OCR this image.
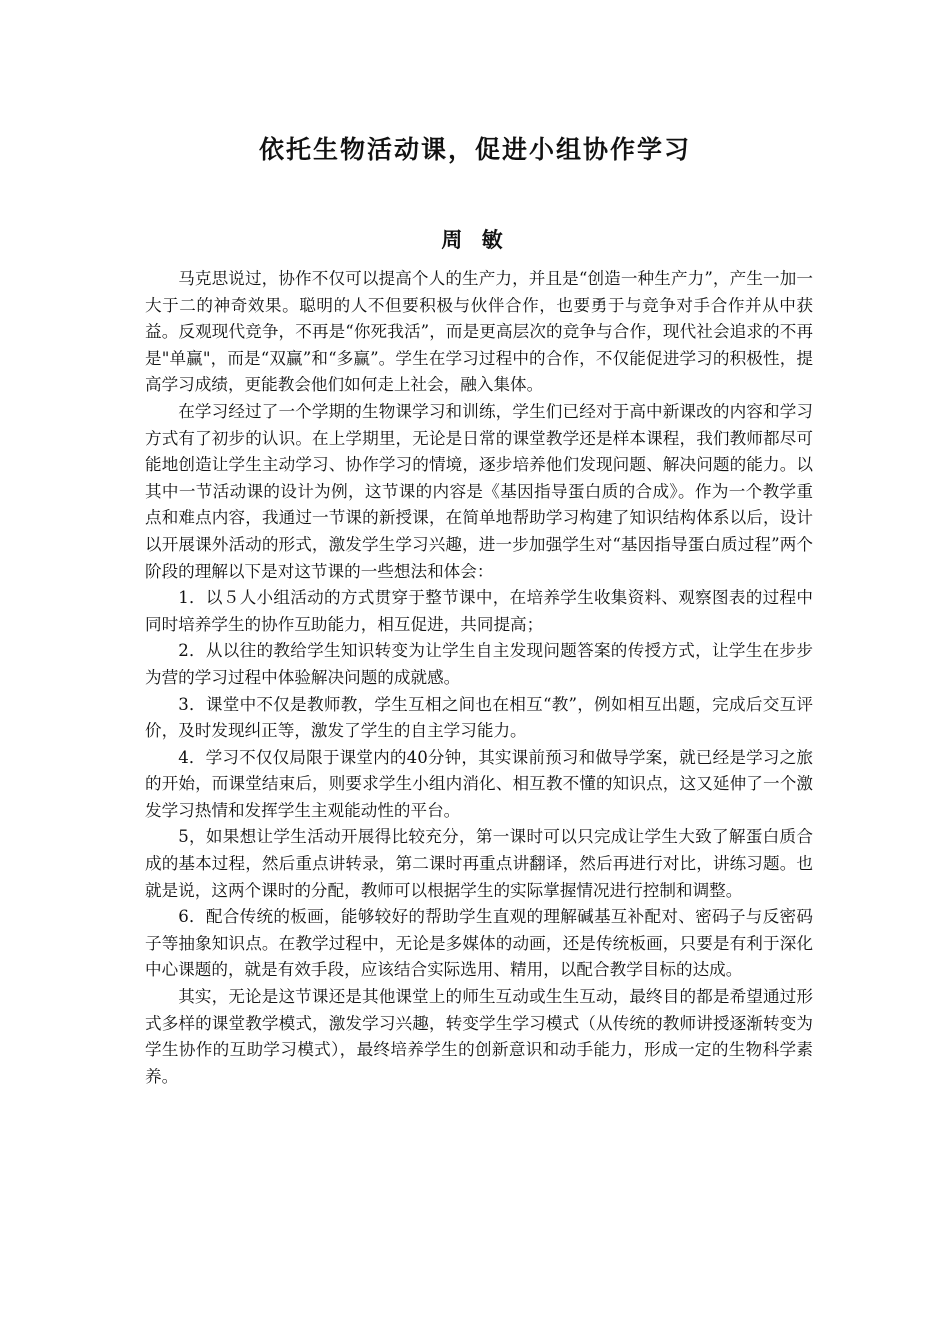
依托生物活动课，促进小组协作学习
周 敏

马克思说过，协作不仅可以提高个人的生产力，并且是“创造一种生产力”，产生一加一大于二的神奇效果。聪明的人不但要积极与伙伴合作，也要勇于与竞争对手合作并从中获益。反观现代竞争，不再是“你死我活”，而是更高层次的竞争与合作，现代社会追求的不再是"单赢"，而是“双赢”和“多赢”。学生在学习过程中的合作，不仅能促进学习的积极性，提高学习成绩，更能教会他们如何走上社会，融入集体。

在学习经过了一个学期的生物课学习和训练，学生们已经对于高中新课改的内容和学习方式有了初步的认识。在上学期里，无论是日常的课堂教学还是样本课程，我们教师都尽可能地创造让学生主动学习、协作学习的情境，逐步培养他们发现问题、解决问题的能力。以其中一节活动课的设计为例，这节课的内容是《基因指导蛋白质的合成》。作为一个教学重点和难点内容，我通过一节课的新授课，在简单地帮助学习构建了知识结构体系以后，设计以开展课外活动的形式，激发学生学习兴趣，进一步加强学生对“基因指导蛋白质过程”两个阶段的理解以下是对这节课的一些想法和体会：

1．以５人小组活动的方式贯穿于整节课中，在培养学生收集资料、观察图表的过程中同时培养学生的协作互助能力，相互促进，共同提高；

2．从以往的教给学生知识转变为让学生自主发现问题答案的传授方式，让学生在步步为营的学习过程中体验解决问题的成就感。

3．课堂中不仅是教师教，学生互相之间也在相互“教”，例如相互出题，完成后交互评价，及时发现纠正等，激发了学生的自主学习能力。

4．学习不仅仅局限于课堂内的40分钟，其实课前预习和做导学案，就已经是学习之旅的开始，而课堂结束后，则要求学生小组内消化、相互教不懂的知识点，这又延伸了一个激发学习热情和发挥学生主观能动性的平台。

5，如果想让学生活动开展得比较充分，第一课时可以只完成让学生大致了解蛋白质合成的基本过程，然后重点讲转录，第二课时再重点讲翻译，然后再进行对比，讲练习题。也就是说，这两个课时的分配，教师可以根据学生的实际掌握情况进行控制和调整。

6．配合传统的板画，能够较好的帮助学生直观的理解碱基互补配对、密码子与反密码子等抽象知识点。在教学过程中，无论是多媒体的动画，还是传统板画，只要是有利于深化中心课题的，就是有效手段，应该结合实际选用、精用，以配合教学目标的达成。

其实，无论是这节课还是其他课堂上的师生互动或生生互动，最终目的都是希望通过形式多样的课堂教学模式，激发学习兴趣，转变学生学习模式（从传统的教师讲授逐渐转变为学生协作的互助学习模式），最终培养学生的创新意识和动手能力，形成一定的生物科学素养。
